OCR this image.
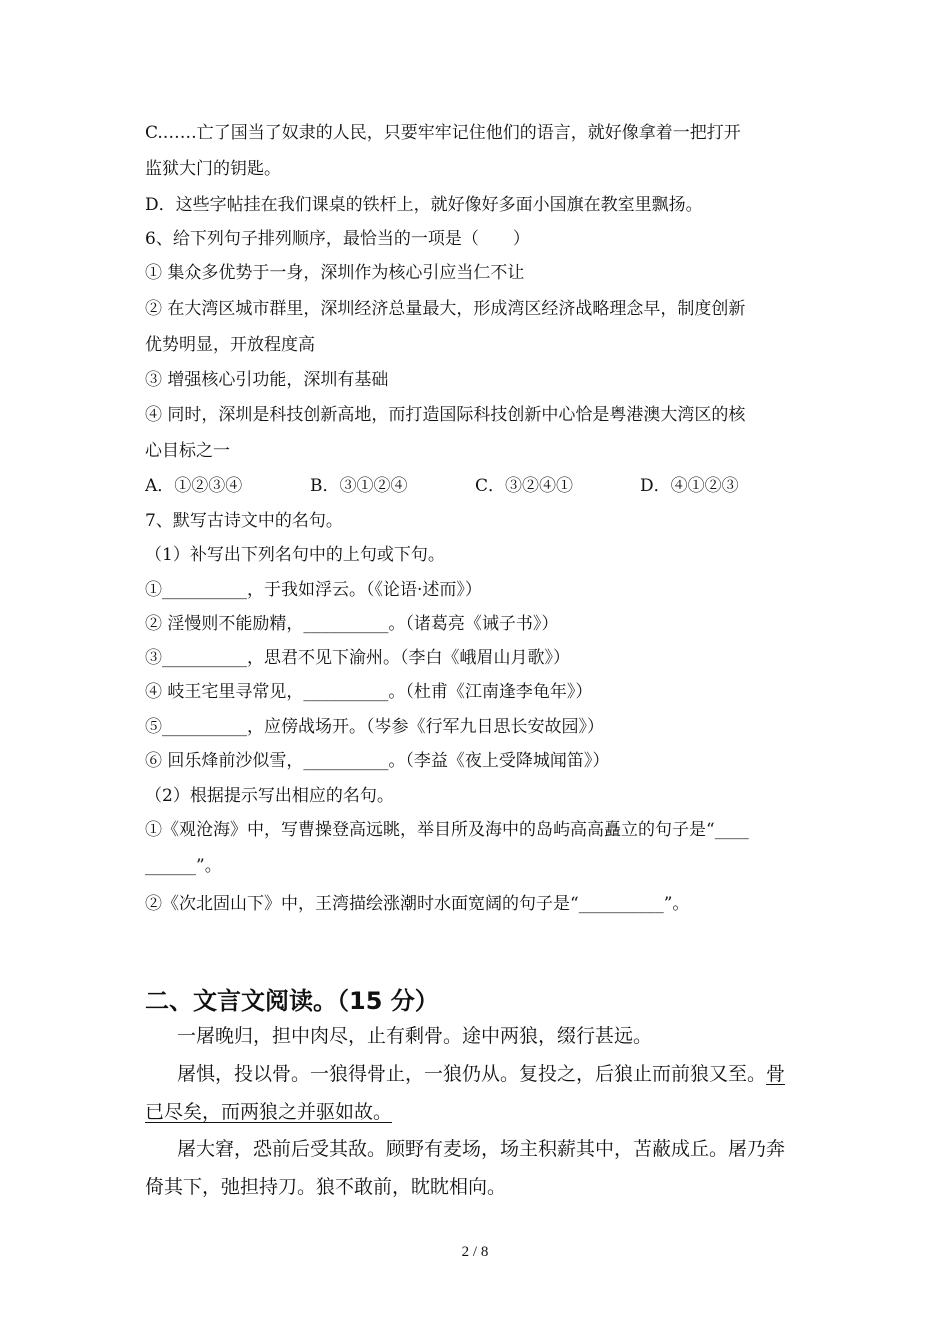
C.……亡了国当了奴隶的人民，只要牢牢记住他们的语言，就好像拿着一把打开
监狱大门的钥匙。
D．这些字帖挂在我们课桌的铁杆上，就好像好多面小国旗在教室里飘扬。
6、给下列句子排列顺序，最恰当的一项是（　　）
① 集众多优势于一身，深圳作为核心引应当仁不让
② 在大湾区城市群里，深圳经济总量最大，形成湾区经济战略理念早，制度创新
优势明显，开放程度高
③ 增强核心引功能，深圳有基础
④ 同时，深圳是科技创新高地，而打造国际科技创新中心恰是粤港澳大湾区的核
心目标之一
A．①②③④	B．③①②④	C．③②④①	D．④①②③
7、默写古诗文中的名句。
（1）补写出下列名句中的上句或下句。
①__________，于我如浮云。（《论语·述而》）
② 淫慢则不能励精，__________。（诸葛亮《诫子书》）
③__________，思君不见下渝州。（李白《峨眉山月歌》）
④ 岐王宅里寻常见，__________。（杜甫《江南逢李龟年》）
⑤__________，应傍战场开。（岑参《行军九日思长安故园》）
⑥ 回乐烽前沙似雪，__________。（李益《夜上受降城闻笛》）
（2）根据提示写出相应的名句。
①《观沧海》中，写曹操登高远眺，举目所及海中的岛屿高高矗立的句子是“____
______”。
②《次北固山下》中，王湾描绘涨潮时水面宽阔的句子是“__________”。
二、文言文阅读。（15 分）
一屠晚归，担中肉尽，止有剩骨。途中两狼，缀行甚远。
屠惧，投以骨。一狼得骨止，一狼仍从。复投之，后狼止而前狼又至。骨
已尽矣，而两狼之并驱如故。
屠大窘，恐前后受其敌。顾野有麦场，场主积薪其中，苫蔽成丘。屠乃奔
倚其下，弛担持刀。狼不敢前，眈眈相向。
2 / 8
